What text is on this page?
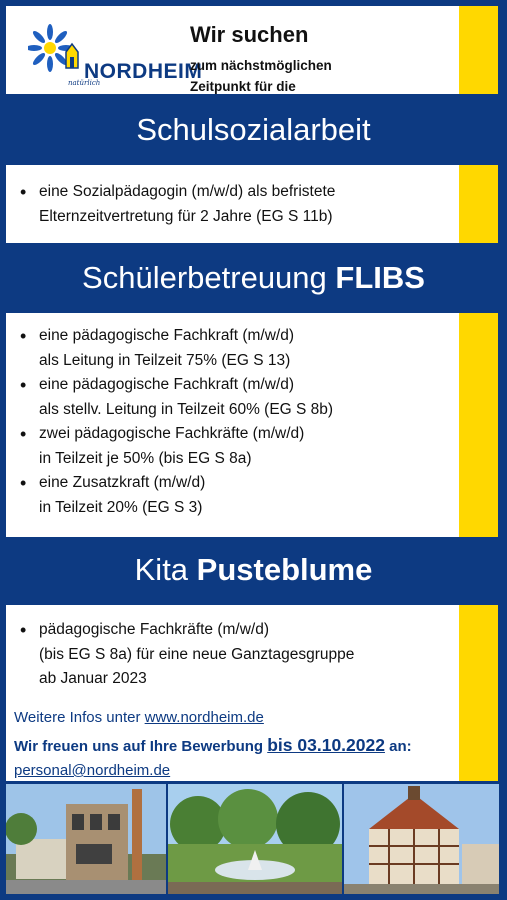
natürlich
NORDHEIM
Wir suchen
zum nächstmöglichen
Zeitpunkt für die
Schulsozialarbeit
• eine Sozialpädagogin (m/w/d) als befristete
Elternzeitvertretung für 2 Jahre (EG S 11b)
Schülerbetreuung FLIBS
• eine pädagogische Fachkraft (m/w/d)
als Leitung in Teilzeit 75% (EG S 13)
• eine pädagogische Fachkraft (m/w/d)
als stellv. Leitung in Teilzeit 60% (EG S 8b)
• zwei pädagogische Fachkräfte (m/w/d)
in Teilzeit je 50% (bis EG S 8a)
• eine Zusatzkraft (m/w/d)
in Teilzeit 20% (EG S 3)
Kita Pusteblume
• pädagogische Fachkräfte (m/w/d)
(bis EG S 8a) für eine neue Ganztagesgruppe
ab Januar 2023
Weitere Infos unter www.nordheim.de
Wir freuen uns auf Ihre Bewerbung bis 03.10.2022 an:
personal@nordheim.de
